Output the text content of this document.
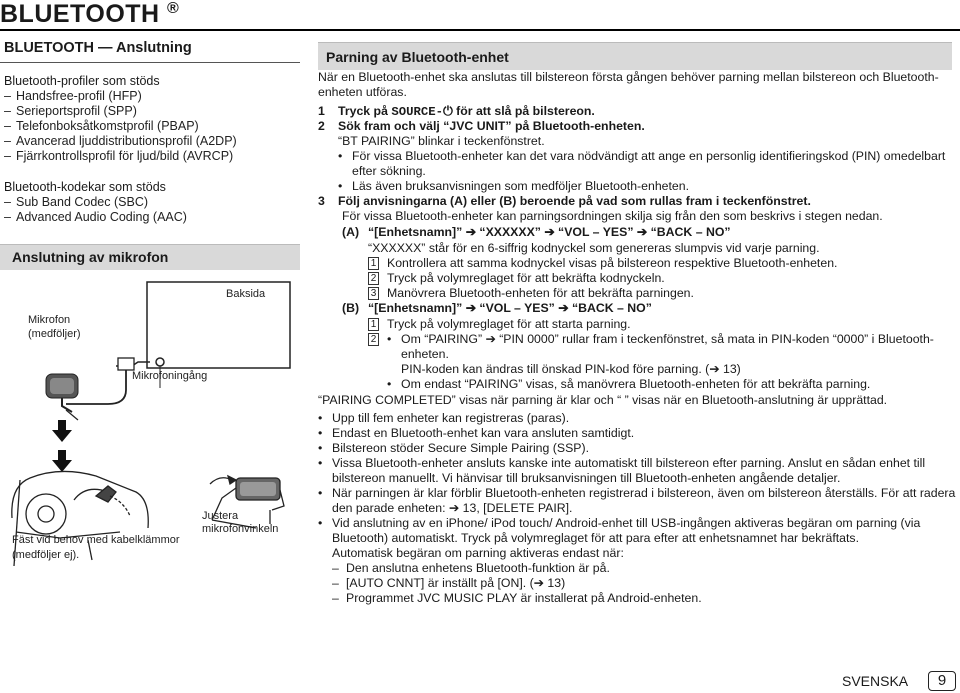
BLUETOOTH ®
BLUETOOTH — Anslutning
Bluetooth-profiler som stöds
– Handsfree-profil (HFP)
– Serieportsprofil (SPP)
– Telefonboksåtkomstprofil (PBAP)
– Avancerad ljuddistributionsprofil (A2DP)
– Fjärrkontrollsprofil för ljud/bild (AVRCP)
Bluetooth-kodekar som stöds
– Sub Band Codec (SBC)
– Advanced Audio Coding (AAC)
Anslutning av mikrofon
Mikrofon
(medföljer)
Mikrofoningång
Baksida
Justera mikrofonvinkeln
Fäst vid behov med kabelklämmor
(medföljer ej).
Parning av Bluetooth-enhet
När en Bluetooth-enhet ska anslutas till bilstereon första gången behöver parning mellan bilstereon och Bluetooth-
enheten utföras.
1 Tryck på SOURCE-⏻ för att slå på bilstereon.
2 Sök fram och välj “JVC UNIT” på Bluetooth-enheten.
“BT PAIRING” blinkar i teckenfönstret.
• För vissa Bluetooth-enheter kan det vara nödvändigt att ange en personlig identifieringskod (PIN) omedelbart
efter sökning.
• Läs även bruksanvisningen som medföljer Bluetooth-enheten.
3 Följ anvisningarna (A) eller (B) beroende på vad som rullas fram i teckenfönstret.
För vissa Bluetooth-enheter kan parningsordningen skilja sig från den som beskrivs i stegen nedan.
(A) “[Enhetsnamn]” ➔ “XXXXXX” ➔ “VOL – YES” ➔ “BACK – NO”
“XXXXXX” står för en 6-siffrig kodnyckel som genereras slumpvis vid varje parning.
1 Kontrollera att samma kodnyckel visas på bilstereon respektive Bluetooth-enheten.
2 Tryck på volymreglaget för att bekräfta kodnyckeln.
3 Manövrera Bluetooth-enheten för att bekräfta parningen.
(B) “[Enhetsnamn]” ➔ “VOL – YES” ➔ “BACK – NO”
1 Tryck på volymreglaget för att starta parning.
2 • Om “PAIRING” ➔ “PIN 0000” rullar fram i teckenfönstret, så mata in PIN-koden “0000” i Bluetooth-
enheten.
PIN-koden kan ändras till önskad PIN-kod före parning. (➔ 13)
• Om endast “PAIRING” visas, så manövrera Bluetooth-enheten för att bekräfta parning.
“PAIRING COMPLETED” visas när parning är klar och “ ” visas när en Bluetooth-anslutning är upprättad.
• Upp till fem enheter kan registreras (paras).
• Endast en Bluetooth-enhet kan vara ansluten samtidigt.
• Bilstereon stöder Secure Simple Pairing (SSP).
• Vissa Bluetooth-enheter ansluts kanske inte automatiskt till bilstereon efter parning. Anslut en sådan enhet till
bilstereon manuellt. Vi hänvisar till bruksanvisningen till Bluetooth-enheten angående detaljer.
• När parningen är klar förblir Bluetooth-enheten registrerad i bilstereon, även om bilstereon återställs. För att radera
den parade enheten: ➔ 13, [DELETE PAIR].
• Vid anslutning av en iPhone/ iPod touch/ Android-enhet till USB-ingången aktiveras begäran om parning (via
Bluetooth) automatiskt. Tryck på volymreglaget för att para efter att enhetsnamnet har bekräftats.
Automatisk begäran om parning aktiveras endast när:
– Den anslutna enhetens Bluetooth-funktion är på.
– [AUTO CNNT] är inställt på [ON]. (➔ 13)
– Programmet JVC MUSIC PLAY är installerat på Android-enheten.
SVENSKA	9
